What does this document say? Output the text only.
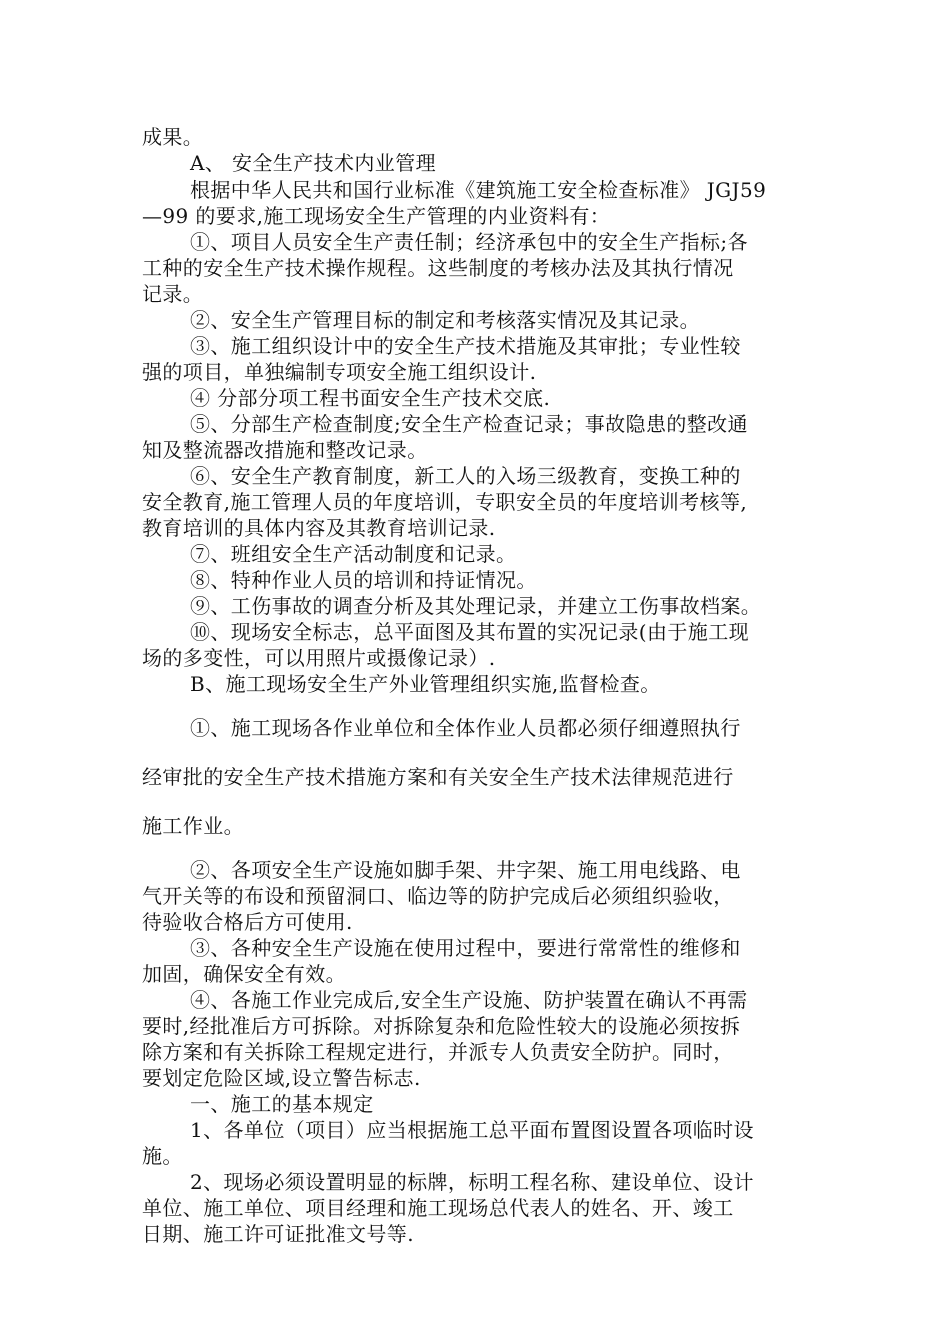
成果。
A、 安全生产技术内业管理
根据中华人民共和国行业标准《建筑施工安全检查标准》 JGJ59
—99 的要求,施工现场安全生产管理的内业资料有：
①、项目人员安全生产责任制；经济承包中的安全生产指标;各
工种的安全生产技术操作规程。这些制度的考核办法及其执行情况
记录。
②、安全生产管理目标的制定和考核落实情况及其记录。
③、施工组织设计中的安全生产技术措施及其审批；专业性较
强的项目，单独编制专项安全施工组织设计.
④ 分部分项工程书面安全生产技术交底.
⑤、分部生产检查制度;安全生产检查记录；事故隐患的整改通
知及整流器改措施和整改记录。
⑥、安全生产教育制度，新工人的入场三级教育，变换工种的
安全教育,施工管理人员的年度培训，专职安全员的年度培训考核等,
教育培训的具体内容及其教育培训记录.
⑦、班组安全生产活动制度和记录。
⑧、特种作业人员的培训和持证情况。
⑨、工伤事故的调查分析及其处理记录，并建立工伤事故档案。
⑩、现场安全标志，总平面图及其布置的实况记录(由于施工现
场的多变性，可以用照片或摄像记录）.
B、施工现场安全生产外业管理组织实施,监督检查。
①、施工现场各作业单位和全体作业人员都必须仔细遵照执行
经审批的安全生产技术措施方案和有关安全生产技术法律规范进行
施工作业。
②、各项安全生产设施如脚手架、井字架、施工用电线路、电
气开关等的布设和预留洞口、临边等的防护完成后必须组织验收，
待验收合格后方可使用.
③、各种安全生产设施在使用过程中，要进行常常性的维修和
加固，确保安全有效。
④、各施工作业完成后,安全生产设施、防护装置在确认不再需
要时,经批准后方可拆除。对拆除复杂和危险性较大的设施必须按拆
除方案和有关拆除工程规定进行，并派专人负责安全防护。同时，
要划定危险区域,设立警告标志.
一、施工的基本规定
1、各单位（项目）应当根据施工总平面布置图设置各项临时设
施。
2、现场必须设置明显的标牌，标明工程名称、建设单位、设计
单位、施工单位、项目经理和施工现场总代表人的姓名、开、竣工
日期、施工许可证批准文号等.
